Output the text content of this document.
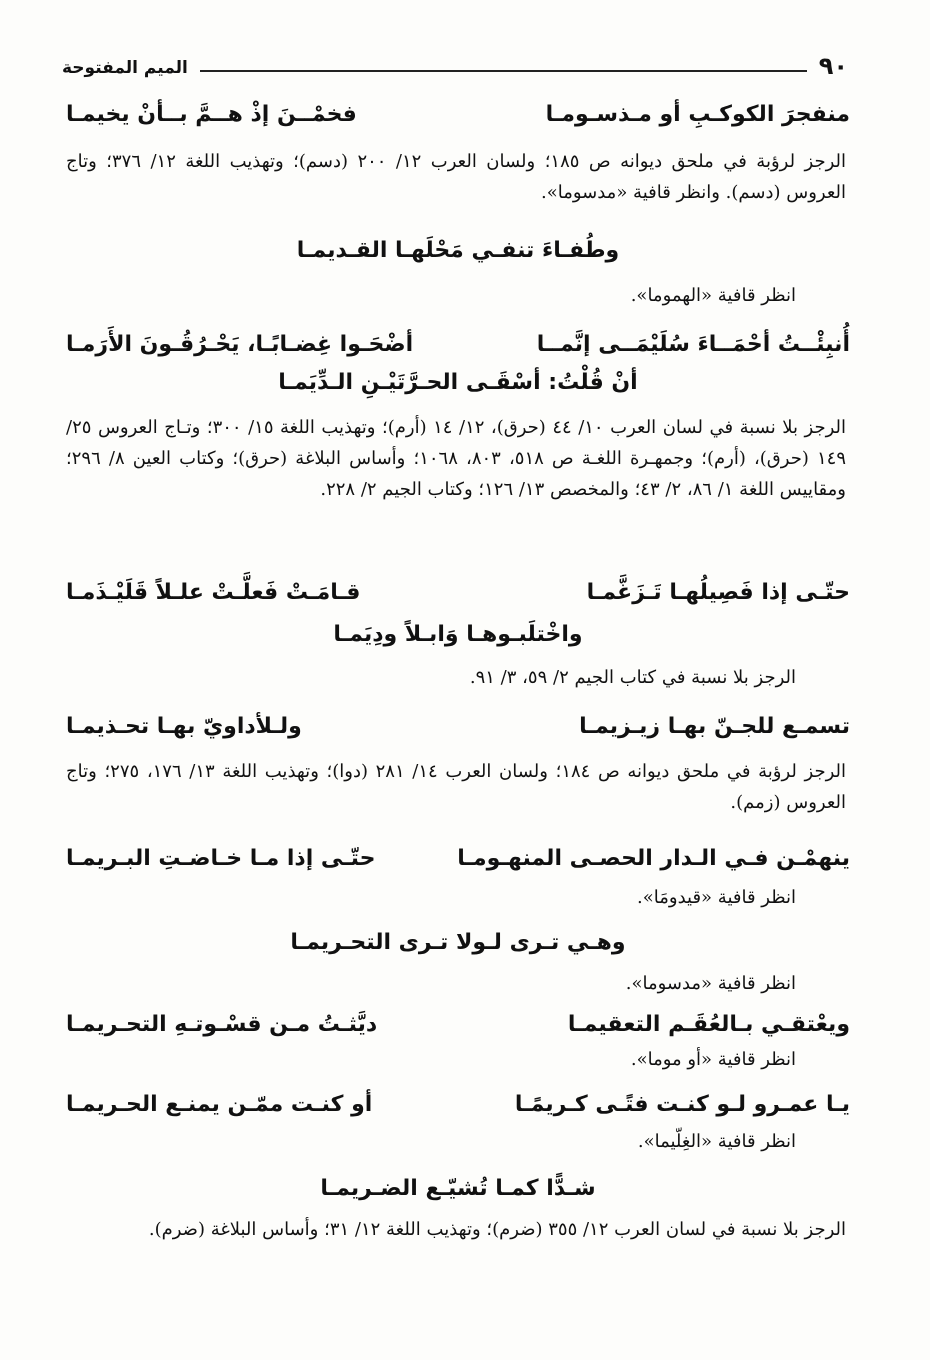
٩٠
الميم المفتوحة
منفجرَ الكوكـبِ أو مـذسـومـا
فخمْــنَ إذْ هــمَّ بــأنْ يخيمـا
الرجز لرؤبة في ملحق ديوانه ص ١٨٥؛ ولسان العرب ١٢/ ٢٠٠ (دسم)؛ وتهذيب اللغة ١٢/ ٣٧٦؛ وتاج العروس (دسم). وانظر قافية «مدسوما».
وطُفـاءَ تنفـي مَحْلَهـا القـديمـا
انظر قافية «الهموما».
أُنبِئْــتُ أحْمَــاءَ سُلَيْمَــى إنَّمــا
أضْحَـوا غِضـابًـا، يَحْـرُقُـونَ الأَرَمـا
أنْ قُلْتُ: أسْقَـى الحـرَّتَيْـنِ الـدِّيَمـا
الرجز بلا نسبة في لسان العرب ١٠/ ٤٤ (حرق)، ١٢/ ١٤ (أرم)؛ وتهذيب اللغة ١٥/ ٣٠٠؛ وتـاج العروس ٢٥/ ١٤٩ (حرق)، (أرم)؛ وجمهـرة اللغـة ص ٥١٨، ٨٠٣، ١٠٦٨؛ وأساس البلاغة (حرق)؛ وكتاب العين ٨/ ٢٩٦؛ ومقاييس اللغة ١/ ٨٦، ٢/ ٤٣؛ والمخصص ١٣/ ١٢٦؛ وكتاب الجيم ٢/ ٢٢٨.
حتّـى إذا فَصِيلُهـا تَـزَغَّمـا
قـامَـتْ فَعلَّـتْ علـلاً قَلَيْـذَمـا
واخْتلَبـوهـا وَابـلاً ودِيَمـا
الرجز بلا نسبة في كتاب الجيم ٢/ ٥٩، ٣/ ٩١.
تسمـع للجـنّ بهـا زيـزيمـا
ولـلأداويّ بهـا تحـذيمـا
الرجز لرؤبة في ملحق ديوانه ص ١٨٤؛ ولسان العرب ١٤/ ٢٨١ (دوا)؛ وتهذيب اللغة ١٣/ ١٧٦، ٢٧٥؛ وتاج العروس (زمم).
ينهمْـن فـي الـدار الحصـى المنهـومـا
حتّـى إذا مـا خـاضـتِ البـريمـا
انظر قافية «قيدومَا».
وهـي تـرى لـولا تـرى التحـريمـا
انظر قافية «مدسوما».
ويعْتقـي بـالعُقَـم التعقيمـا
ديَّثـتُ مـن قسْـوتـهِ التحـريمـا
انظر قافية «أو موما».
يـا عمـرو لـو كنـت فتًـى كـريمًـا
أو كنـت ممّـن يمنـع الحـريمـا
انظر قافية «الغِلّيما».
شـدًّا كمـا تُشيّـع الضـريمـا
الرجز بلا نسبة في لسان العرب ١٢/ ٣٥٥ (ضرم)؛ وتهذيب اللغة ١٢/ ٣١؛ وأساس البلاغة (ضرم).
